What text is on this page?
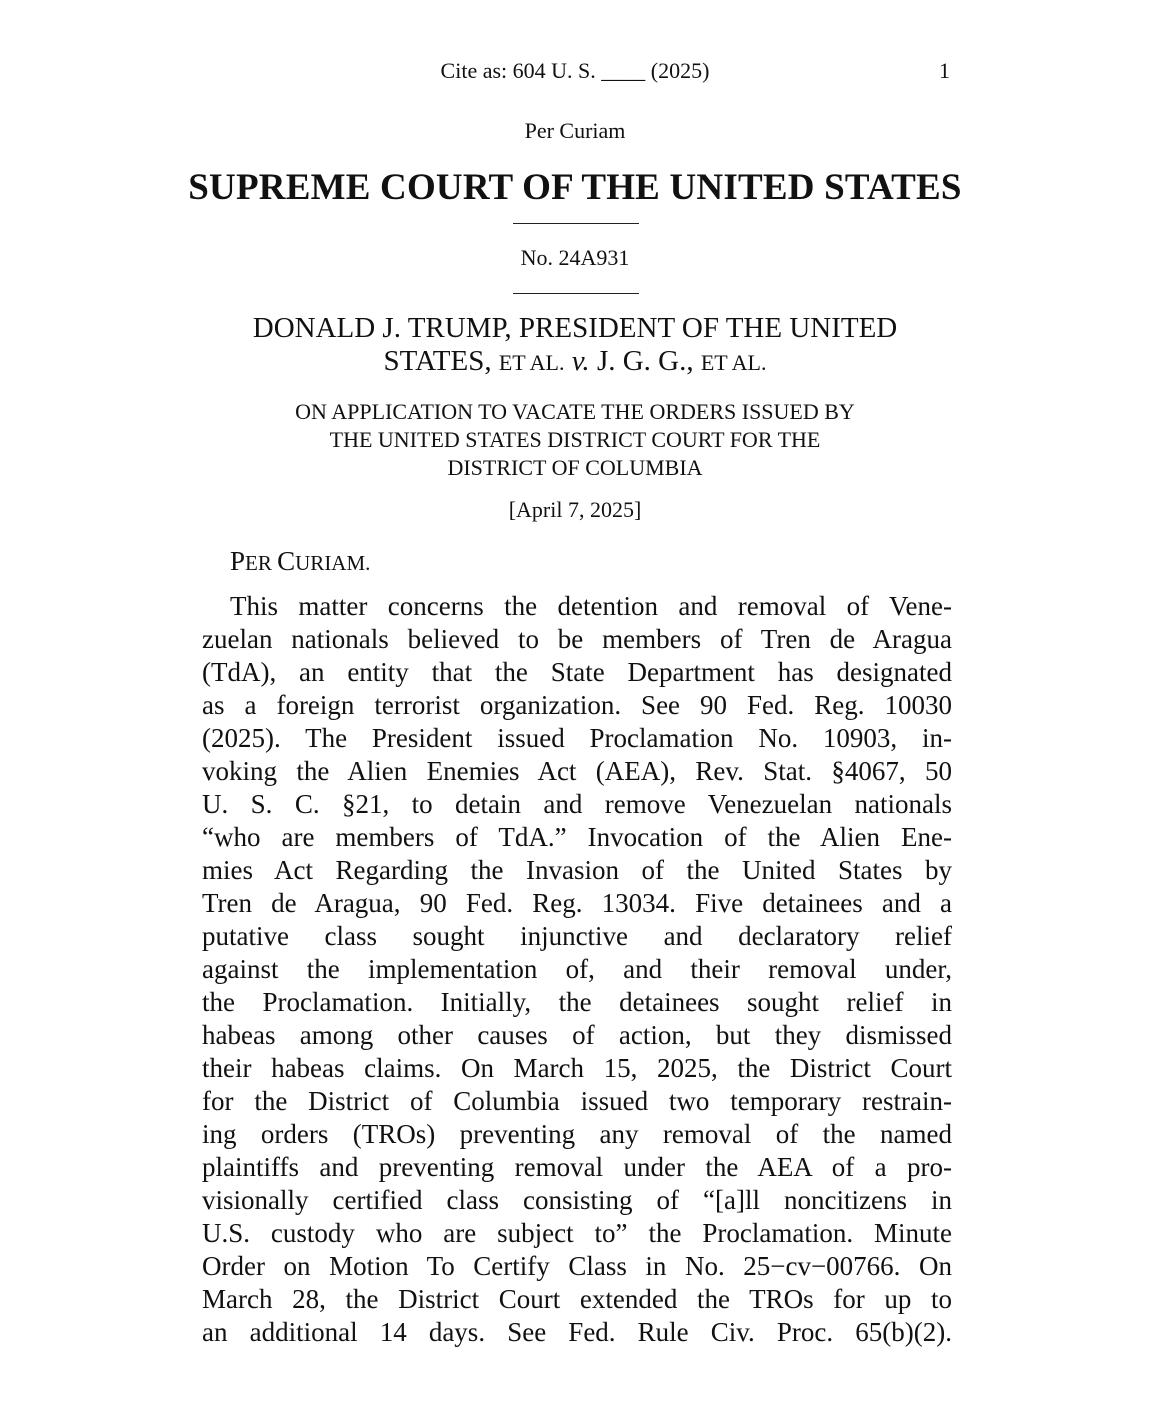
Cite as: 604 U. S. ____ (2025)	1
Per Curiam
SUPREME COURT OF THE UNITED STATES
No. 24A931
DONALD J. TRUMP, PRESIDENT OF THE UNITED
STATES, ET AL. v. J. G. G., ET AL.
ON APPLICATION TO VACATE THE ORDERS ISSUED BY
THE UNITED STATES DISTRICT COURT FOR THE
DISTRICT OF COLUMBIA
[April 7, 2025]
PER CURIAM.
This matter concerns the detention and removal of Vene-
zuelan nationals believed to be members of Tren de Aragua
(TdA), an entity that the State Department has designated
as a foreign terrorist organization. See 90 Fed. Reg. 10030
(2025). The President issued Proclamation No. 10903, in-
voking the Alien Enemies Act (AEA), Rev. Stat. §4067, 50
U. S. C. §21, to detain and remove Venezuelan nationals
“who are members of TdA.” Invocation of the Alien Ene-
mies Act Regarding the Invasion of the United States by
Tren de Aragua, 90 Fed. Reg. 13034. Five detainees and a
putative class sought injunctive and declaratory relief
against the implementation of, and their removal under,
the Proclamation. Initially, the detainees sought relief in
habeas among other causes of action, but they dismissed
their habeas claims. On March 15, 2025, the District Court
for the District of Columbia issued two temporary restrain-
ing orders (TROs) preventing any removal of the named
plaintiffs and preventing removal under the AEA of a pro-
visionally certified class consisting of “[a]ll noncitizens in
U.S. custody who are subject to” the Proclamation. Minute
Order on Motion To Certify Class in No. 25−cv−00766. On
March 28, the District Court extended the TROs for up to
an additional 14 days. See Fed. Rule Civ. Proc. 65(b)(2).
